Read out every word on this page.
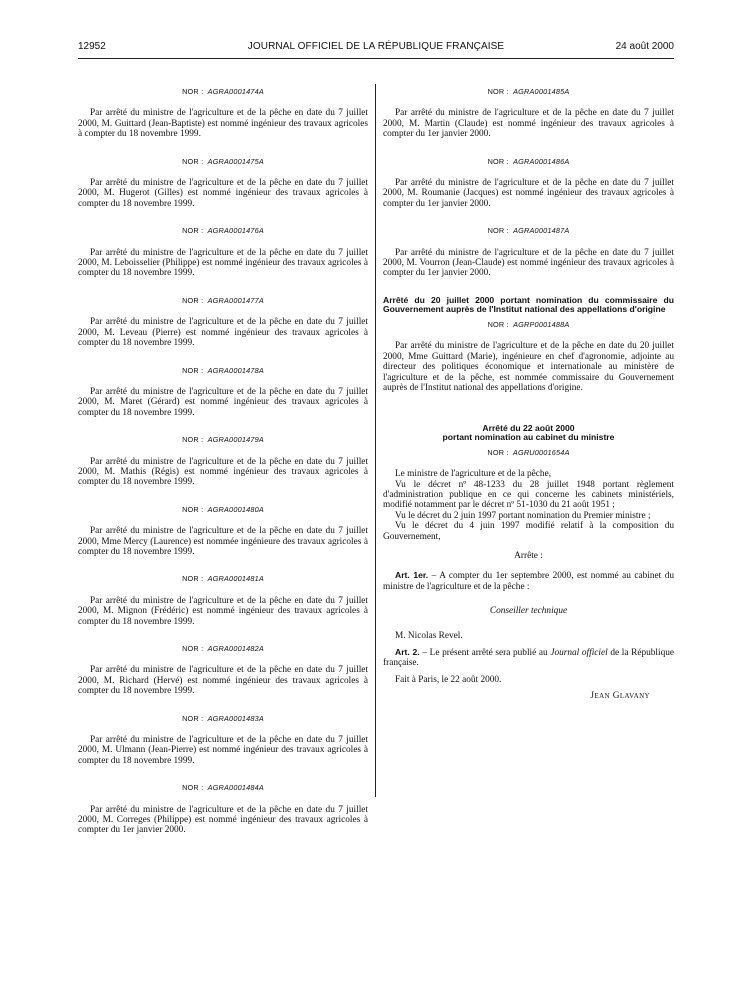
12952	JOURNAL OFFICIEL DE LA RÉPUBLIQUE FRANÇAISE	24 août 2000
NOR : AGRA0001474A
Par arrêté du ministre de l'agriculture et de la pêche en date du 7 juillet 2000, M. Guittard (Jean-Baptiste) est nommé ingénieur des travaux agricoles à compter du 18 novembre 1999.
NOR : AGRA0001475A
Par arrêté du ministre de l'agriculture et de la pêche en date du 7 juillet 2000, M. Hugerot (Gilles) est nommé ingénieur des travaux agricoles à compter du 18 novembre 1999.
NOR : AGRA0001476A
Par arrêté du ministre de l'agriculture et de la pêche en date du 7 juillet 2000, M. Leboisselier (Philippe) est nommé ingénieur des travaux agricoles à compter du 18 novembre 1999.
NOR : AGRA0001477A
Par arrêté du ministre de l'agriculture et de la pêche en date du 7 juillet 2000, M. Leveau (Pierre) est nommé ingénieur des travaux agricoles à compter du 18 novembre 1999.
NOR : AGRA0001478A
Par arrêté du ministre de l'agriculture et de la pêche en date du 7 juillet 2000, M. Maret (Gérard) est nommé ingénieur des travaux agricoles à compter du 18 novembre 1999.
NOR : AGRA0001479A
Par arrêté du ministre de l'agriculture et de la pêche en date du 7 juillet 2000, M. Mathis (Régis) est nommé ingénieur des travaux agricoles à compter du 18 novembre 1999.
NOR : AGRA0001480A
Par arrêté du ministre de l'agriculture et de la pêche en date du 7 juillet 2000, Mme Mercy (Laurence) est nommée ingénieure des travaux agricoles à compter du 18 novembre 1999.
NOR : AGRA0001481A
Par arrêté du ministre de l'agriculture et de la pêche en date du 7 juillet 2000, M. Mignon (Frédéric) est nommé ingénieur des travaux agricoles à compter du 18 novembre 1999.
NOR : AGRA0001482A
Par arrêté du ministre de l'agriculture et de la pêche en date du 7 juillet 2000, M. Richard (Hervé) est nommé ingénieur des travaux agricoles à compter du 18 novembre 1999.
NOR : AGRA0001483A
Par arrêté du ministre de l'agriculture et de la pêche en date du 7 juillet 2000, M. Ulmann (Jean-Pierre) est nommé ingénieur des travaux agricoles à compter du 18 novembre 1999.
NOR : AGRA0001484A
Par arrêté du ministre de l'agriculture et de la pêche en date du 7 juillet 2000, M. Correges (Philippe) est nommé ingénieur des travaux agricoles à compter du 1er janvier 2000.
NOR : AGRA0001485A
Par arrêté du ministre de l'agriculture et de la pêche en date du 7 juillet 2000, M. Martin (Claude) est nommé ingénieur des travaux agricoles à compter du 1er janvier 2000.
NOR : AGRA0001486A
Par arrêté du ministre de l'agriculture et de la pêche en date du 7 juillet 2000, M. Roumanie (Jacques) est nommé ingénieur des travaux agricoles à compter du 1er janvier 2000.
NOR : AGRA0001487A
Par arrêté du ministre de l'agriculture et de la pêche en date du 7 juillet 2000, M. Vourron (Jean-Claude) est nommé ingénieur des travaux agricoles à compter du 1er janvier 2000.
Arrêté du 20 juillet 2000 portant nomination du commissaire du Gouvernement auprès de l'Institut national des appellations d'origine
NOR : AGRP0001488A
Par arrêté du ministre de l'agriculture et de la pêche en date du 20 juillet 2000, Mme Guittard (Marie), ingénieure en chef d'agronomie, adjointe au directeur des politiques économique et internationale au ministère de l'agriculture et de la pêche, est nommée commissaire du Gouvernement auprès de l'Institut national des appellations d'origine.
Arrêté du 22 août 2000
portant nomination au cabinet du ministre
NOR : AGRU0001654A
Le ministre de l'agriculture et de la pêche,
Vu le décret nº 48-1233 du 28 juillet 1948 portant règlement d'administration publique en ce qui concerne les cabinets ministériels, modifié notamment par le décret nº 51-1030 du 21 août 1951 ;
Vu le décret du 2 juin 1997 portant nomination du Premier ministre ;
Vu le décret du 4 juin 1997 modifié relatif à la composition du Gouvernement,
Arrête :
Art. 1er. – A compter du 1er septembre 2000, est nommé au cabinet du ministre de l'agriculture et de la pêche :
Conseiller technique
M. Nicolas Revel.
Art. 2. – Le présent arrêté sera publié au Journal officiel de la République française.
Fait à Paris, le 22 août 2000.
Jean Glavany
